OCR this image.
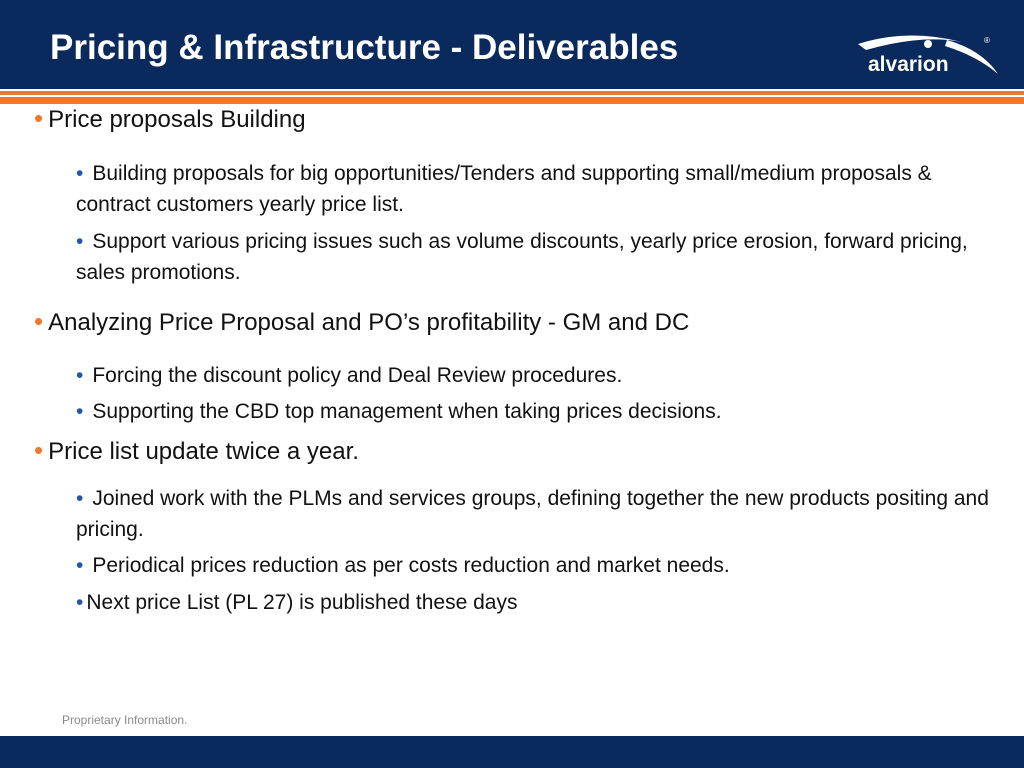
Pricing & Infrastructure - Deliverables	alvarion
®
• Price proposals Building
• Building proposals for big opportunities/Tenders and supporting small/medium proposals & contract customers yearly price list.
• Support various pricing issues such as volume discounts, yearly price erosion, forward pricing, sales promotions.
• Analyzing Price Proposal and PO’s profitability - GM and DC
• Forcing the discount policy and Deal Review procedures.
• Supporting the CBD top management when taking prices decisions.
• Price list update twice a year.
• Joined work with the PLMs and services groups, defining together the new products positing and pricing.
• Periodical prices reduction as per costs reduction and market needs.
• Next price List (PL 27) is published these days
Proprietary Information.
